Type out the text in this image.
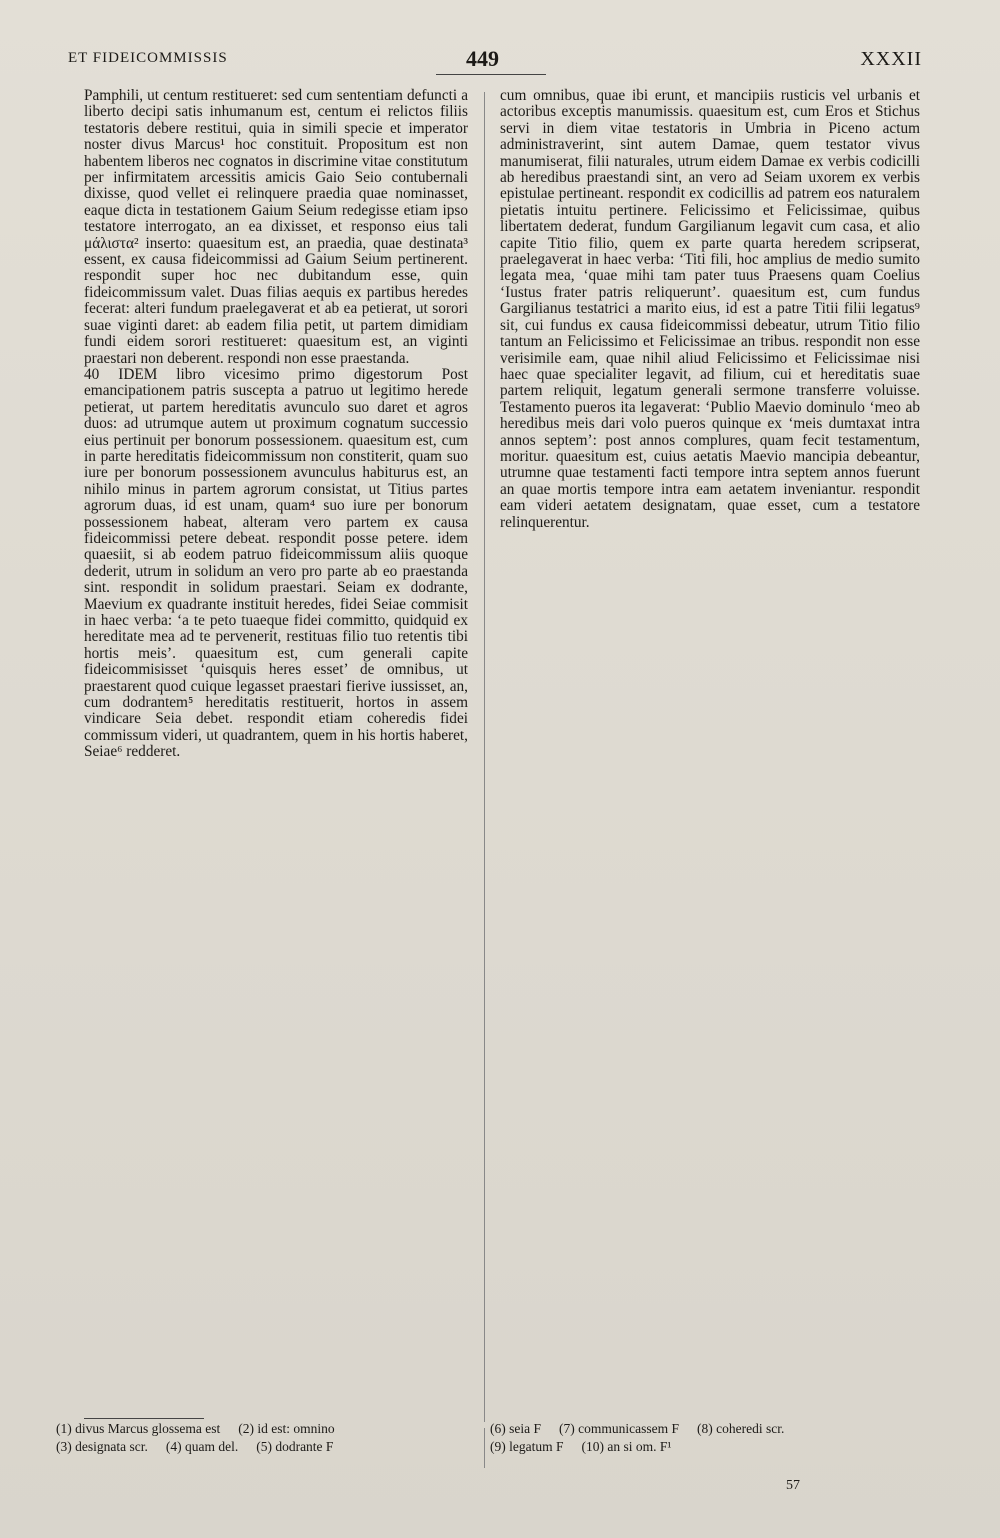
ET FIDEICOMMISSIS	449	XXXII

Pamphili, ut centum restitueret: sed cum sententiam defuncti a liberto decipi satis inhumanum est, centum ei relictos filiis testatoris debere restitui, quia in simili specie et imperator noster divus Marcus¹ hoc constituit. Propositum est non habentem liberos nec cognatos in discrimine vitae constitutum per infirmitatem arcessitis amicis Gaio Seio contubernali dixisse, quod vellet ei relinquere praedia quae nominasset, eaque dicta in testationem Gaium Seium redegisse etiam ipso testatore interrogato, an ea dixisset, et responso eius tali μάλιστα² inserto: quaesitum est, an praedia, quae destinata³ essent, ex causa fideicommissi ad Gaium Seium pertinerent. respondit super hoc nec dubitandum esse, quin fideicommissum valet. Duas filias aequis ex partibus heredes fecerat: alteri fundum praelegaverat et ab ea petierat, ut sorori suae viginti daret: ab eadem filia petit, ut partem dimidiam fundi eidem sorori restitueret: quaesitum est, an viginti praestari non deberent. respondi non esse praestanda.

40 IDEM libro vicesimo primo digestorum Post emancipationem patris suscepta a patruo ut legitimo herede petierat, ut partem hereditatis avunculo suo daret et agros duos: ad utrumque autem ut proximum cognatum successio eius pertinuit per bonorum possessionem. quaesitum est, cum in parte hereditatis fideicommissum non constiterit, quam suo iure per bonorum possessionem avunculus habiturus est, an nihilo minus in partem agrorum consistat, ut Titius partes agrorum duas, id est unam, quam⁴ suo iure per bonorum possessionem habeat, alteram vero partem ex causa fideicommissi petere debeat. respondit posse petere. idem quaesiit, si ab eodem patruo fideicommissum aliis quoque dederit, utrum in solidum an vero pro parte ab eo praestanda sint. respondit in solidum praestari. Seiam ex dodrante, Maevium ex quadrante instituit heredes, fidei Seiae commisit in haec verba: ‘a te peto tuaeque fidei committo, quidquid ex hereditate mea ad te pervenerit, restituas filio tuo retentis tibi hortis meis’. quaesitum est, cum generali capite fideicommisisset ‘quisquis heres esset’ de omnibus, ut praestarent quod cuique legasset praestari fierive iussisset, an, cum dodrantem⁵ hereditatis restituerit, hortos in assem vindicare Seia debet. respondit etiam coheredis fidei commissum videri, ut quadrantem, quem in his hortis haberet, Seiae⁶ redderet.

cum omnibus, quae ibi erunt, et mancipiis rusticis vel urbanis et actoribus exceptis manumissis. quaesitum est, cum Eros et Stichus servi in diem vitae testatoris in Umbria in Piceno actum administraverint, sint autem Damae, quem testator vivus manumiserat, filii naturales, utrum eidem Damae ex verbis codicilli ab heredibus praestandi sint, an vero ad Seiam uxorem ex verbis epistulae pertineant. respondit ex codicillis ad patrem eos naturalem pietatis intuitu pertinere. Felicissimo et Felicissimae, quibus libertatem dederat, fundum Gargilianum legavit cum casa, et alio capite Titio filio, quem ex parte quarta heredem scripserat, praelegaverat in haec verba: ‘Titi fili, hoc amplius de medio sumito legata mea, ‘quae mihi tam pater tuus Praesens quam Coelius ‘Iustus frater patris reliquerunt’. quaesitum est, cum fundus Gargilianus testatrici a marito eius, id est a patre Titii filii legatus⁹ sit, cui fundus ex causa fideicommissi debeatur, utrum Titio filio tantum an Felicissimo et Felicissimae an tribus. respondit non esse verisimile eam, quae nihil aliud Felicissimo et Felicissimae nisi haec quae specialiter legavit, ad filium, cui et hereditatis suae partem reliquit, legatum generali sermone transferre voluisse. Testamento pueros ita legaverat: ‘Publio Maevio dominulo ‘meo ab heredibus meis dari volo pueros quinque ex ‘meis dumtaxat intra annos septem’: post annos complures, quam fecit testamentum, moritur. quaesitum est, cuius aetatis Maevio mancipia debeantur, utrumne quae testamenti facti tempore intra septem annos fuerunt an quae mortis tempore intra eam aetatem inveniantur. respondit eam videri aetatem designatam, quae esset, cum a testatore relinquerentur.

(1) divus Marcus glossema est (2) id est: omnino
(3) designata scr. (4) quam del. (5) dodrante F
(6) seia F (7) communicassem F (8) coheredi scr.
(9) legatum F (10) an si om. F¹
57
